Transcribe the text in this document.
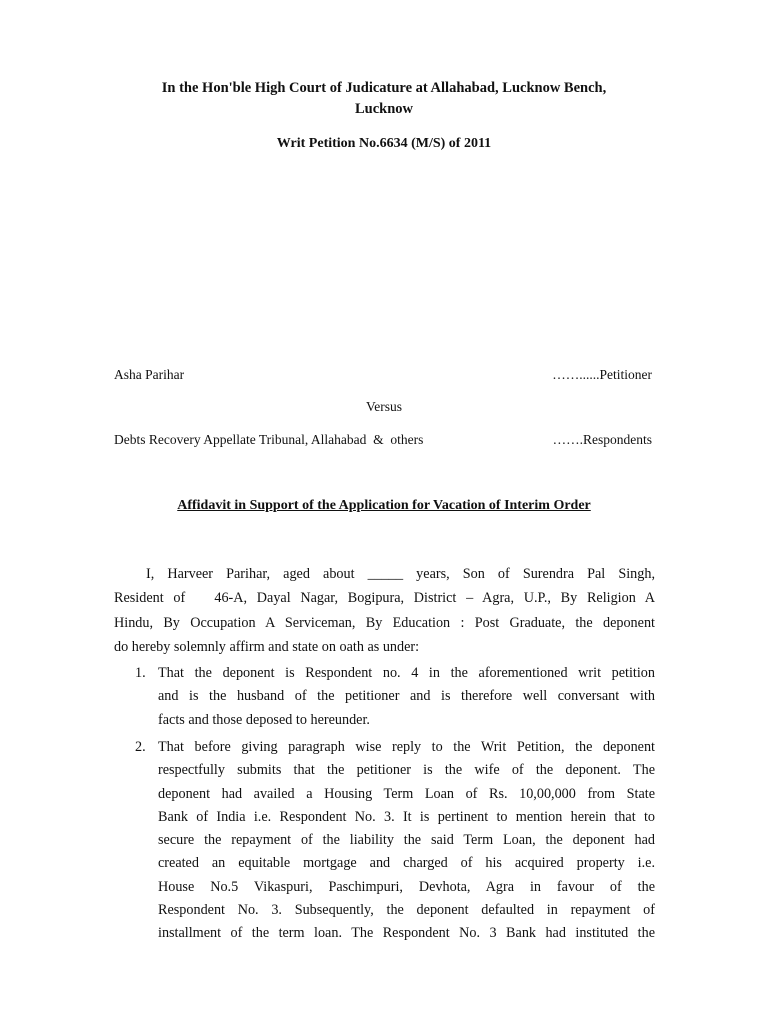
In the Hon'ble High Court of Judicature at Allahabad, Lucknow Bench,
Lucknow
Writ Petition No.6634 (M/S) of 2011
Asha Parihar	……......Petitioner
Versus
Debts Recovery Appellate Tribunal, Allahabad  &  others	…….Respondents
Affidavit in Support of the Application for Vacation of Interim Order
I, Harveer Parihar, aged about _____ years, Son of Surendra Pal Singh,
Resident of   46-A, Dayal Nagar, Bogipura, District – Agra, U.P., By Religion A
Hindu, By Occupation A Serviceman, By Education : Post Graduate, the deponent
do hereby solemnly affirm and state on oath as under:
1. That the deponent is Respondent no. 4 in the aforementioned writ petition
and is the husband of the petitioner and is therefore well conversant with
facts and those deposed to hereunder.
2. That before giving paragraph wise reply to the Writ Petition, the deponent
respectfully submits that the petitioner is the wife of the deponent. The
deponent had availed a Housing Term Loan of Rs. 10,00,000 from State
Bank of India i.e. Respondent No. 3. It is pertinent to mention herein that to
secure the repayment of the liability the said Term Loan, the deponent had
created an equitable mortgage and charged of his acquired property i.e.
House No.5 Vikaspuri, Paschimpuri, Devhota, Agra in favour of the
Respondent No. 3. Subsequently, the deponent defaulted in repayment of
installment of the term loan. The Respondent No. 3 Bank had instituted the
